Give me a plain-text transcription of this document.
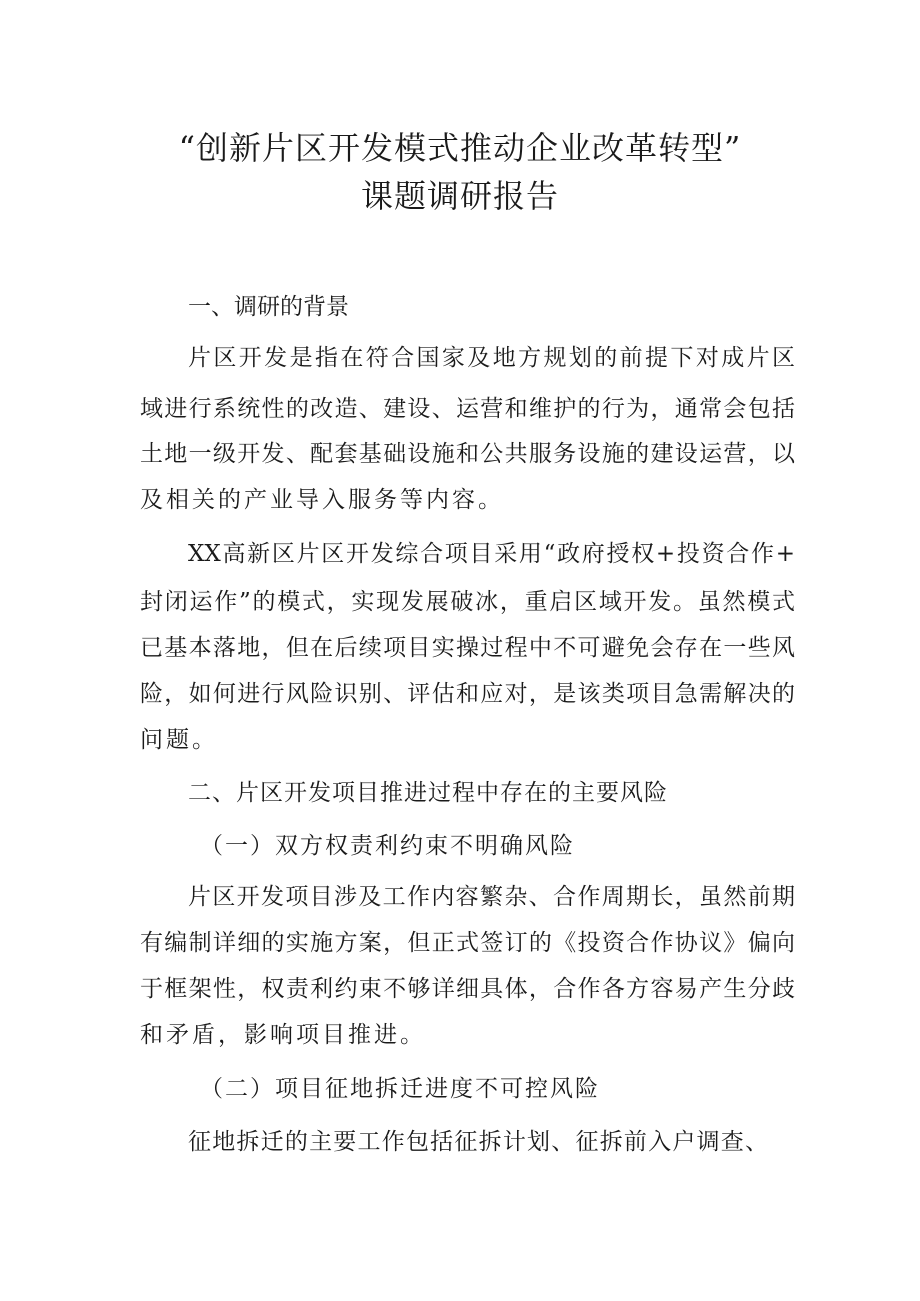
“创新片区开发模式推动企业改革转型”
课题调研报告
一、调研的背景
片区开发是指在符合国家及地方规划的前提下对成片区
域进行系统性的改造、建设、运营和维护的行为，通常会包括
土地一级开发、配套基础设施和公共服务设施的建设运营，以
及相关的产业导入服务等内容。
XX高新区片区开发综合项目采用“政府授权+投资合作+
封闭运作”的模式，实现发展破冰，重启区域开发。虽然模式
已基本落地，但在后续项目实操过程中不可避免会存在一些风
险，如何进行风险识别、评估和应对，是该类项目急需解决的
问题。
二、片区开发项目推进过程中存在的主要风险
（一）双方权责利约束不明确风险
片区开发项目涉及工作内容繁杂、合作周期长，虽然前期
有编制详细的实施方案，但正式签订的《投资合作协议》偏向
于框架性，权责利约束不够详细具体，合作各方容易产生分歧
和矛盾，影响项目推进。
（二）项目征地拆迁进度不可控风险
征地拆迁的主要工作包括征拆计划、征拆前入户调查、
